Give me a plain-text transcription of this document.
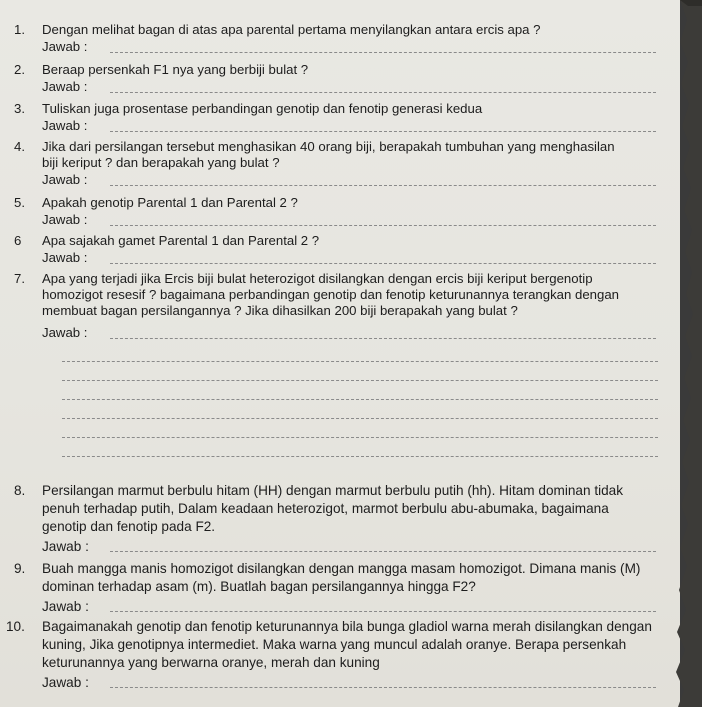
1.	Dengan melihat bagan di atas apa parental pertama menyilangkan antara ercis apa ?
Jawab :
2.	Beraap persenkah F1 nya yang berbiji bulat ?
Jawab :
3.	Tuliskan juga prosentase perbandingan genotip dan fenotip generasi kedua
Jawab :
4.	Jika dari persilangan tersebut menghasikan 40 orang biji, berapakah tumbuhan yang menghasilan
biji keriput ? dan berapakah yang bulat ?
Jawab :
5.	Apakah genotip Parental 1 dan Parental 2 ?
Jawab :
6	Apa sajakah gamet Parental 1 dan Parental 2 ?
Jawab :
7.	Apa yang terjadi jika Ercis biji bulat heterozigot disilangkan dengan ercis biji keriput bergenotip
homozigot resesif ? bagaimana perbandingan genotip dan fenotip keturunannya terangkan dengan
membuat bagan persilangannya ? Jika dihasilkan 200 biji berapakah yang bulat ?
Jawab :
8.	Persilangan marmut berbulu hitam (HH) dengan marmut berbulu putih (hh). Hitam dominan tidak
penuh terhadap putih, Dalam keadaan heterozigot, marmot berbulu abu-abumaka, bagaimana
genotip dan fenotip pada F2.
Jawab :
9.	Buah mangga manis homozigot disilangkan dengan mangga masam homozigot. Dimana manis (M)
dominan terhadap asam (m). Buatlah bagan persilangannya hingga F2?
Jawab :
10. Bagaimanakah genotip dan fenotip keturunannya bila bunga gladiol warna merah disilangkan dengan
kuning, Jika genotipnya intermediet. Maka warna yang muncul adalah oranye. Berapa persenkah
keturunannya yang berwarna oranye, merah dan kuning
Jawab :
